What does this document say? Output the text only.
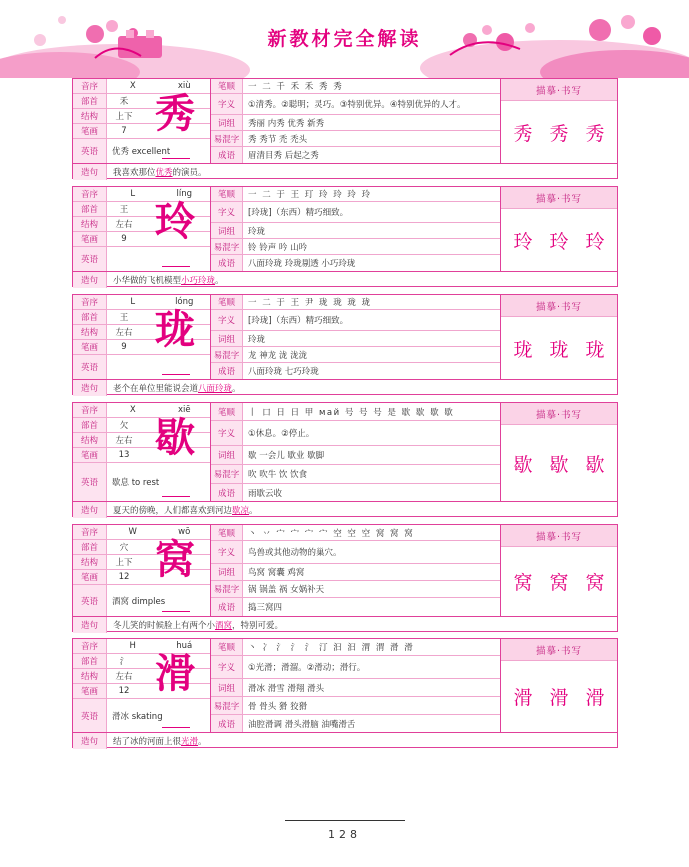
新教材完全解读
音序	X	xiù
部首	禾
结构	上下
笔画	7
英语	优秀 excellent
秀
笔顺	一 二 千 禾 禾 秀 秀
字义	①清秀。②聪明；灵巧。③特别优异。④特别优异的人才。
词组	秀丽 内秀 优秀 新秀
易混字	秀 秀节 禿 禿头
成语	眉清目秀 后起之秀
描摹·书写
秀 秀 秀
造句	我喜欢那位 优秀 的演员。
音序	L	líng
部首	王
结构	左右
笔画	9
英语
玲
笔顺	一 二 于 王 玎 玲 玲 玲 玲
字义	[玲珑]（东西）精巧细致。
词组	玲珑
易混字	铃 铃声 吟 山吟
成语	八面玲珑 玲珑剔透 小巧玲珑
描摹·书写
玲 玲 玲
造句	小华做的飞机模型 小巧玲珑 。
音序	L	lóng
部首	王
结构	左右
笔画	9
英语
珑
笔顺	一 二 于 王 尹 珑 珑 珑 珑
字义	[玲珑]（东西）精巧细致。
词组	玲珑
易混字	龙 神龙 泷 泷泷
成语	八面玲珑 七巧玲珑
描摹·书写
珑 珑 珑
造句	老个在单位里能说会道 八面玲珑 。
音序	X	xiē
部首	欠
结构	左右
笔画	13
英语	歇息 to rest
歇
笔顺	丨 口 日 日 甲 май 号 号 号 是 歇 歇 歇 歇
字义	①休息。②停止。
词组	歇 一会儿 歇业 歇脚
易混字	吹 吹牛 饮 饮食
成语	雨歇云收
描摹·书写
歇 歇 歇
造句	夏天的傍晚，人们都喜欢到河边 歇凉 。
音序	W	wō
部首	穴
结构	上下
笔画	12
英语	酒窝 dimples
窝
笔顺	丶 丷 宀 宀 宀 宀 空 空 空 窝 窝 窝
字义	鸟兽或其他动物的巢穴。
词组	鸟窝 窝囊 鸡窝
易混字	锅 锅盖 祸 女娲补天
成语	捣三窝四
描摹·书写
窝 窝 窝
造句	冬儿笑的时候脸上有两个小 酒窝 ，特别可爱。
音序	H	huá
部首	氵
结构	左右
笔画	12
英语	滑冰 skating
滑
笔顺	丶 冫 氵 氵 氵 汀 汩 汩 渭 渭 滑 滑
字义	①光滑；滑溜。②滑动；滑行。
词组	滑冰 滑雪 滑翔 滑头
易混字	骨 骨头 猾 狡猾
成语	油腔滑调 滑头滑脑 油嘴滑舌
描摹·书写
滑 滑 滑
造句	结了冰的河面上很 光滑 。
128
